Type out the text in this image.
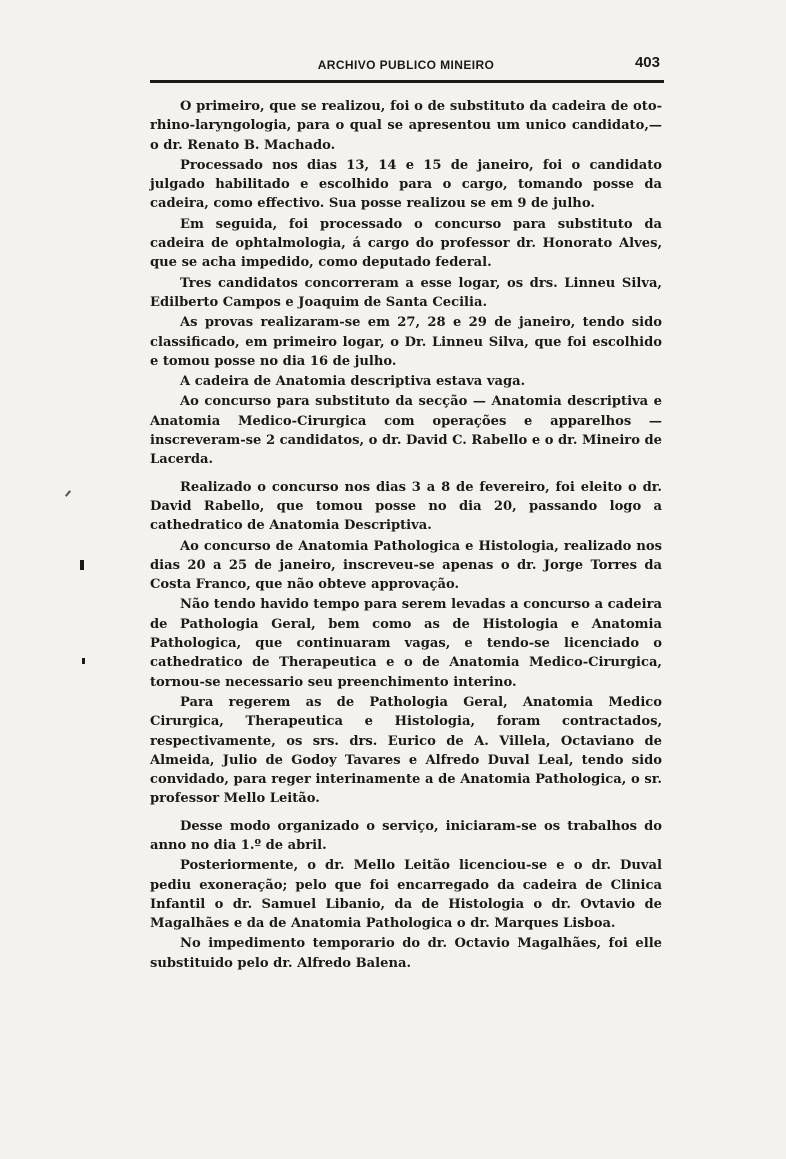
ARCHIVO PUBLICO MINEIRO	403

O primeiro, que se realizou, foi o de substituto da cadeira de oto-rhino-laryngologia, para o qual se apresentou um unico candidato,—o dr. Renato B. Machado.

Processado nos dias 13, 14 e 15 de janeiro, foi o candidato julgado habilitado e escolhido para o cargo, tomando posse da cadeira, como effectivo. Sua posse realizou se em 9 de julho.

Em seguida, foi processado o concurso para substituto da cadeira de ophtalmologia, á cargo do professor dr. Honorato Alves, que se acha impedido, como deputado federal.

Tres candidatos concorreram a esse logar, os drs. Linneu Silva, Edilberto Campos e Joaquim de Santa Cecilia.

As provas realizaram-se em 27, 28 e 29 de janeiro, tendo sido classificado, em primeiro logar, o Dr. Linneu Silva, que foi escolhido e tomou posse no dia 16 de julho.

A cadeira de Anatomia descriptiva estava vaga.

Ao concurso para substituto da secção — Anatomia descriptiva e Anatomia Medico-Cirurgica com operações e apparelhos — inscreveram-se 2 candidatos, o dr. David C. Rabello e o dr. Mineiro de Lacerda.

Realizado o concurso nos dias 3 a 8 de fevereiro, foi eleito o dr. David Rabello, que tomou posse no dia 20, passando logo a cathedratico de Anatomia Descriptiva.

Ao concurso de Anatomia Pathologica e Histologia, realizado nos dias 20 a 25 de janeiro, inscreveu-se apenas o dr. Jorge Torres da Costa Franco, que não obteve approvação.

Não tendo havido tempo para serem levadas a concurso a cadeira de Pathologia Geral, bem como as de Histologia e Anatomia Pathologica, que continuaram vagas, e tendo-se licenciado o cathedratico de Therapeutica e o de Anatomia Medico-Cirurgica, tornou-se necessario seu preenchimento interino.

Para regerem as de Pathologia Geral, Anatomia Medico Cirurgica, Therapeutica e Histologia, foram contractados, respectivamente, os srs. drs. Eurico de A. Villela, Octaviano de Almeida, Julio de Godoy Tavares e Alfredo Duval Leal, tendo sido convidado, para reger interinamente a de Anatomia Pathologica, o sr. professor Mello Leitão.

Desse modo organizado o serviço, iniciaram-se os trabalhos do anno no dia 1.º de abril.

Posteriormente, o dr. Mello Leitão licenciou-se e o dr. Duval pediu exoneração; pelo que foi encarregado da cadeira de Clinica Infantil o dr. Samuel Libanio, da de Histologia o dr. Ovtavio de Magalhães e da de Anatomia Pathologica o dr. Marques Lisboa.

No impedimento temporario do dr. Octavio Magalhães, foi elle substituido pelo dr. Alfredo Balena.
